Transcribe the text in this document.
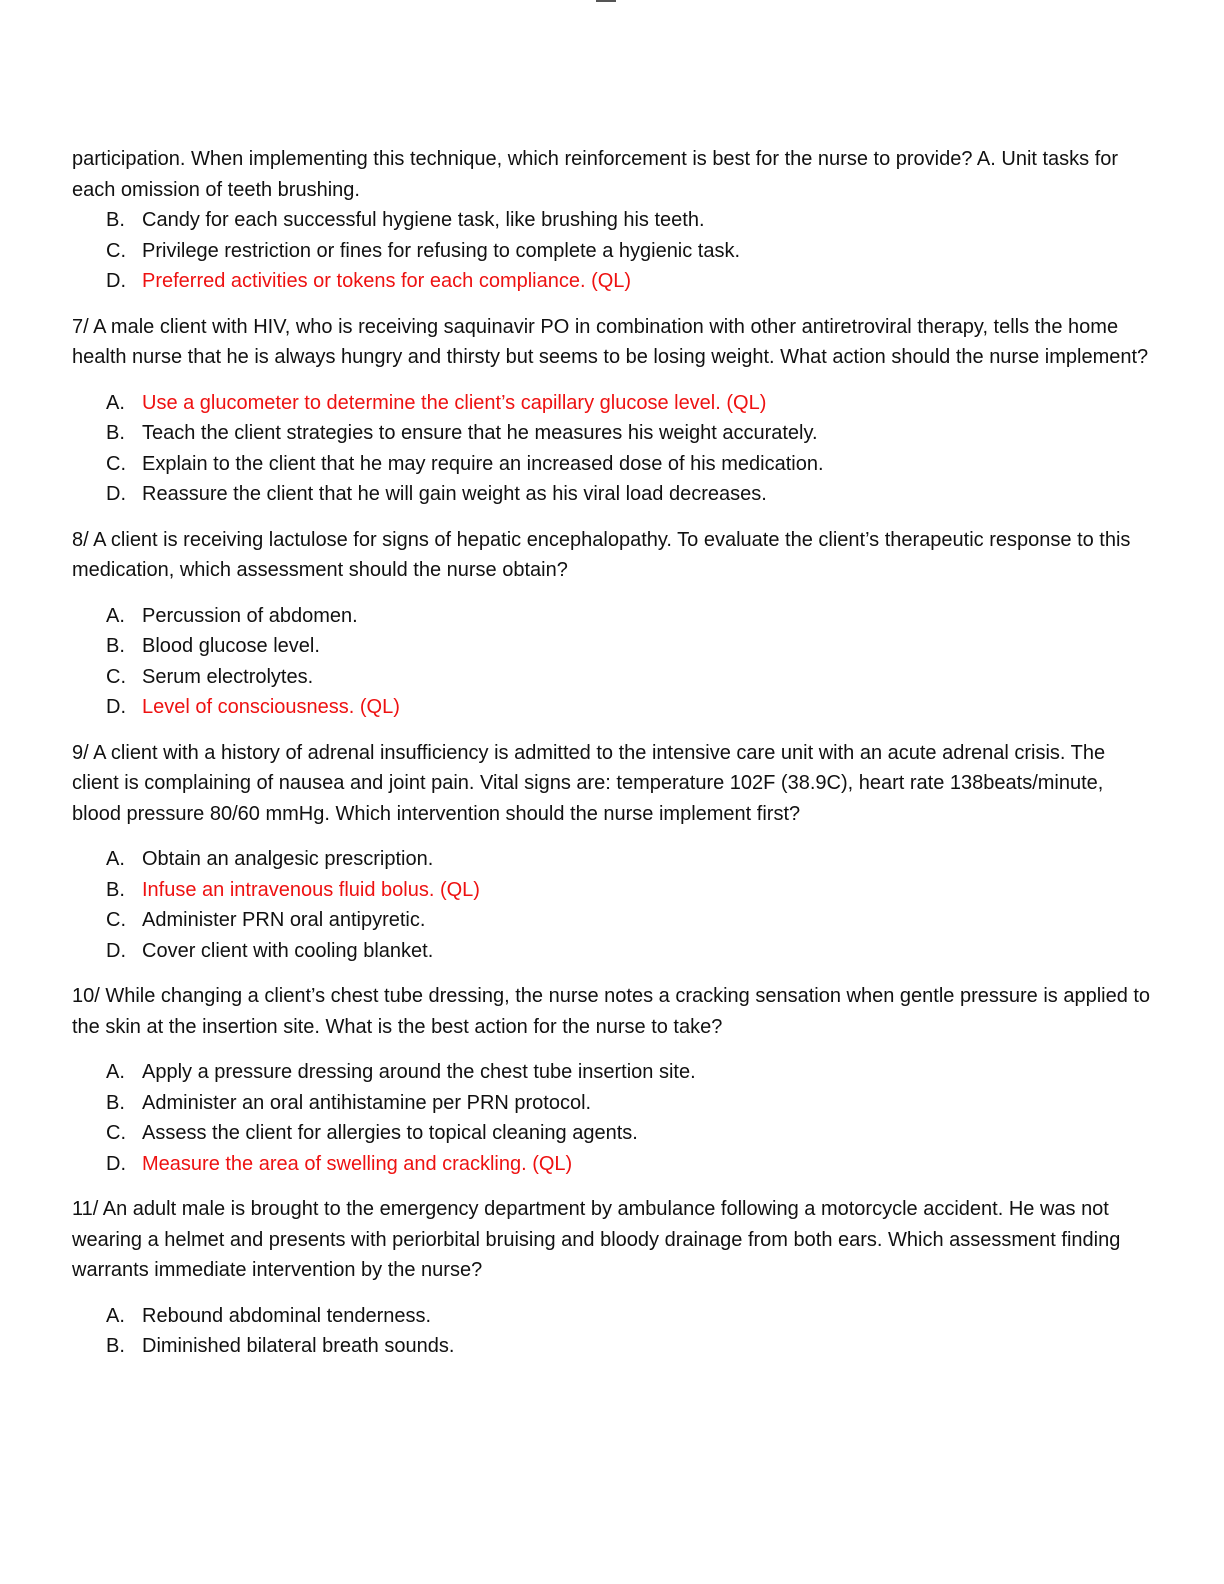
participation. When implementing this technique, which reinforcement is best for the nurse to provide? A. Unit tasks for each omission of teeth brushing.

B. Candy for each successful hygiene task, like brushing his teeth.
C. Privilege restriction or fines for refusing to complete a hygienic task.
D. Preferred activities or tokens for each compliance. (QL)

7/ A male client with HIV, who is receiving saquinavir PO in combination with other antiretroviral therapy, tells the home health nurse that he is always hungry and thirsty but seems to be losing weight. What action should the nurse implement?

A. Use a glucometer to determine the client’s capillary glucose level. (QL)
B. Teach the client strategies to ensure that he measures his weight accurately.
C. Explain to the client that he may require an increased dose of his medication.
D. Reassure the client that he will gain weight as his viral load decreases.

8/ A client is receiving lactulose for signs of hepatic encephalopathy. To evaluate the client’s therapeutic response to this medication, which assessment should the nurse obtain?

A. Percussion of abdomen.
B. Blood glucose level.
C. Serum electrolytes.
D. Level of consciousness. (QL)

9/ A client with a history of adrenal insufficiency is admitted to the intensive care unit with an acute adrenal crisis. The client is complaining of nausea and joint pain. Vital signs are: temperature 102F (38.9C), heart rate 138beats/minute, blood pressure 80/60 mmHg. Which intervention should the nurse implement first?

A. Obtain an analgesic prescription.
B. Infuse an intravenous fluid bolus. (QL)
C. Administer PRN oral antipyretic.
D. Cover client with cooling blanket.

10/ While changing a client’s chest tube dressing, the nurse notes a cracking sensation when gentle pressure is applied to the skin at the insertion site. What is the best action for the nurse to take?

A. Apply a pressure dressing around the chest tube insertion site.
B. Administer an oral antihistamine per PRN protocol.
C. Assess the client for allergies to topical cleaning agents.
D. Measure the area of swelling and crackling. (QL)

11/ An adult male is brought to the emergency department by ambulance following a motorcycle accident. He was not wearing a helmet and presents with periorbital bruising and bloody drainage from both ears. Which assessment finding warrants immediate intervention by the nurse?

A. Rebound abdominal tenderness.
B. Diminished bilateral breath sounds.
